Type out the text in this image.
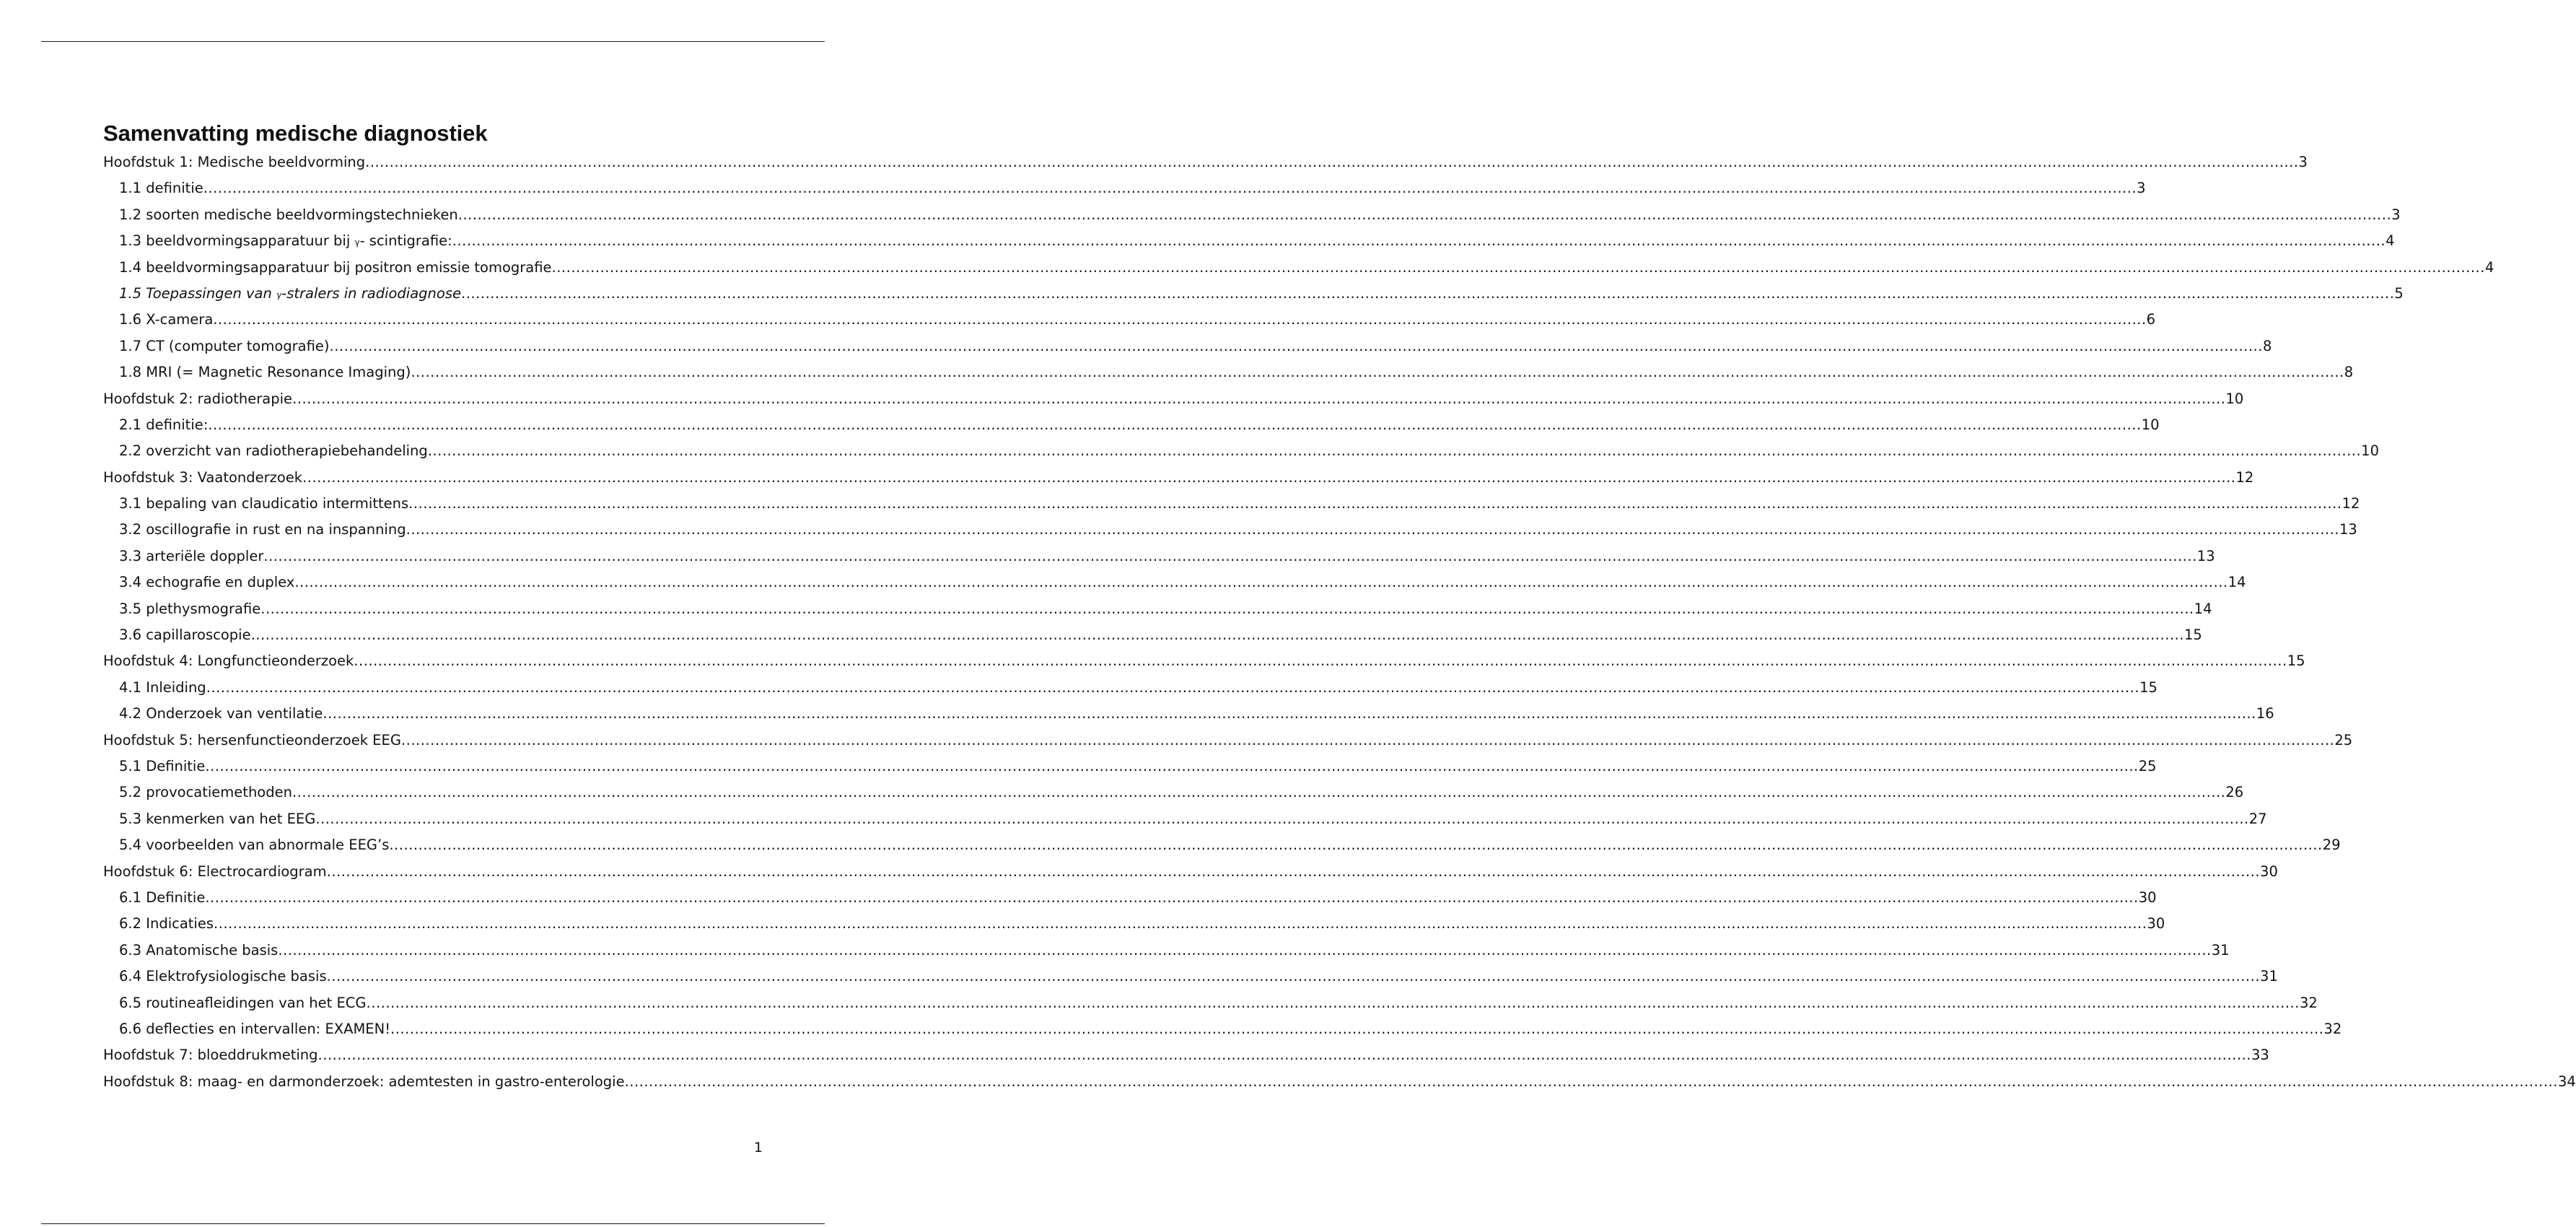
Samenvatting medische diagnostiek
Hoofdstuk 1: Medische beeldvorming ................................................................................................................................................................................................................................................................................................................................................................................................................ 3
1.1 definitie ................................................................................................................................................................................................................................................................................................................................................................................................................ 3
1.2 soorten medische beeldvormingstechnieken ................................................................................................................................................................................................................................................................................................................................................................................................................ 3
1.3 beeldvormingsapparatuur bij γ- scintigrafie: ................................................................................................................................................................................................................................................................................................................................................................................................................ 4
1.4 beeldvormingsapparatuur bij positron emissie tomografie ................................................................................................................................................................................................................................................................................................................................................................................................................ 4
1.5 Toepassingen van γ-stralers in radiodiagnose ................................................................................................................................................................................................................................................................................................................................................................................................................ 5
1.6 X-camera ................................................................................................................................................................................................................................................................................................................................................................................................................ 6
1.7 CT (computer tomografie) ................................................................................................................................................................................................................................................................................................................................................................................................................ 8
1.8 MRI (= Magnetic Resonance Imaging) ................................................................................................................................................................................................................................................................................................................................................................................................................ 8
Hoofdstuk 2: radiotherapie ................................................................................................................................................................................................................................................................................................................................................................................................................ 10
2.1 definitie: ................................................................................................................................................................................................................................................................................................................................................................................................................ 10
2.2 overzicht van radiotherapiebehandeling ................................................................................................................................................................................................................................................................................................................................................................................................................ 10
Hoofdstuk 3: Vaatonderzoek ................................................................................................................................................................................................................................................................................................................................................................................................................ 12
3.1 bepaling van claudicatio intermittens ................................................................................................................................................................................................................................................................................................................................................................................................................ 12
3.2 oscillografie in rust en na inspanning ................................................................................................................................................................................................................................................................................................................................................................................................................ 13
3.3 arteriële doppler ................................................................................................................................................................................................................................................................................................................................................................................................................ 13
3.4 echografie en duplex ................................................................................................................................................................................................................................................................................................................................................................................................................ 14
3.5 plethysmografie ................................................................................................................................................................................................................................................................................................................................................................................................................ 14
3.6 capillaroscopie ................................................................................................................................................................................................................................................................................................................................................................................................................ 15
Hoofdstuk 4: Longfunctieonderzoek ................................................................................................................................................................................................................................................................................................................................................................................................................ 15
4.1 Inleiding ................................................................................................................................................................................................................................................................................................................................................................................................................ 15
4.2 Onderzoek van ventilatie ................................................................................................................................................................................................................................................................................................................................................................................................................ 16
Hoofdstuk 5: hersenfunctieonderzoek EEG ................................................................................................................................................................................................................................................................................................................................................................................................................ 25
5.1 Definitie ................................................................................................................................................................................................................................................................................................................................................................................................................ 25
5.2 provocatiemethoden ................................................................................................................................................................................................................................................................................................................................................................................................................ 26
5.3 kenmerken van het EEG ................................................................................................................................................................................................................................................................................................................................................................................................................ 27
5.4 voorbeelden van abnormale EEG’s ................................................................................................................................................................................................................................................................................................................................................................................................................ 29
Hoofdstuk 6: Electrocardiogram ................................................................................................................................................................................................................................................................................................................................................................................................................ 30
6.1 Definitie ................................................................................................................................................................................................................................................................................................................................................................................................................ 30
6.2 Indicaties ................................................................................................................................................................................................................................................................................................................................................................................................................ 30
6.3 Anatomische basis ................................................................................................................................................................................................................................................................................................................................................................................................................ 31
6.4 Elektrofysiologische basis ................................................................................................................................................................................................................................................................................................................................................................................................................ 31
6.5 routineafleidingen van het ECG ................................................................................................................................................................................................................................................................................................................................................................................................................ 32
6.6 deflecties en intervallen: EXAMEN! ................................................................................................................................................................................................................................................................................................................................................................................................................ 32
Hoofdstuk 7: bloeddrukmeting ................................................................................................................................................................................................................................................................................................................................................................................................................ 33
Hoofdstuk 8: maag- en darmonderzoek: ademtesten in gastro-enterologie ................................................................................................................................................................................................................................................................................................................................................................................................................ 34
1
